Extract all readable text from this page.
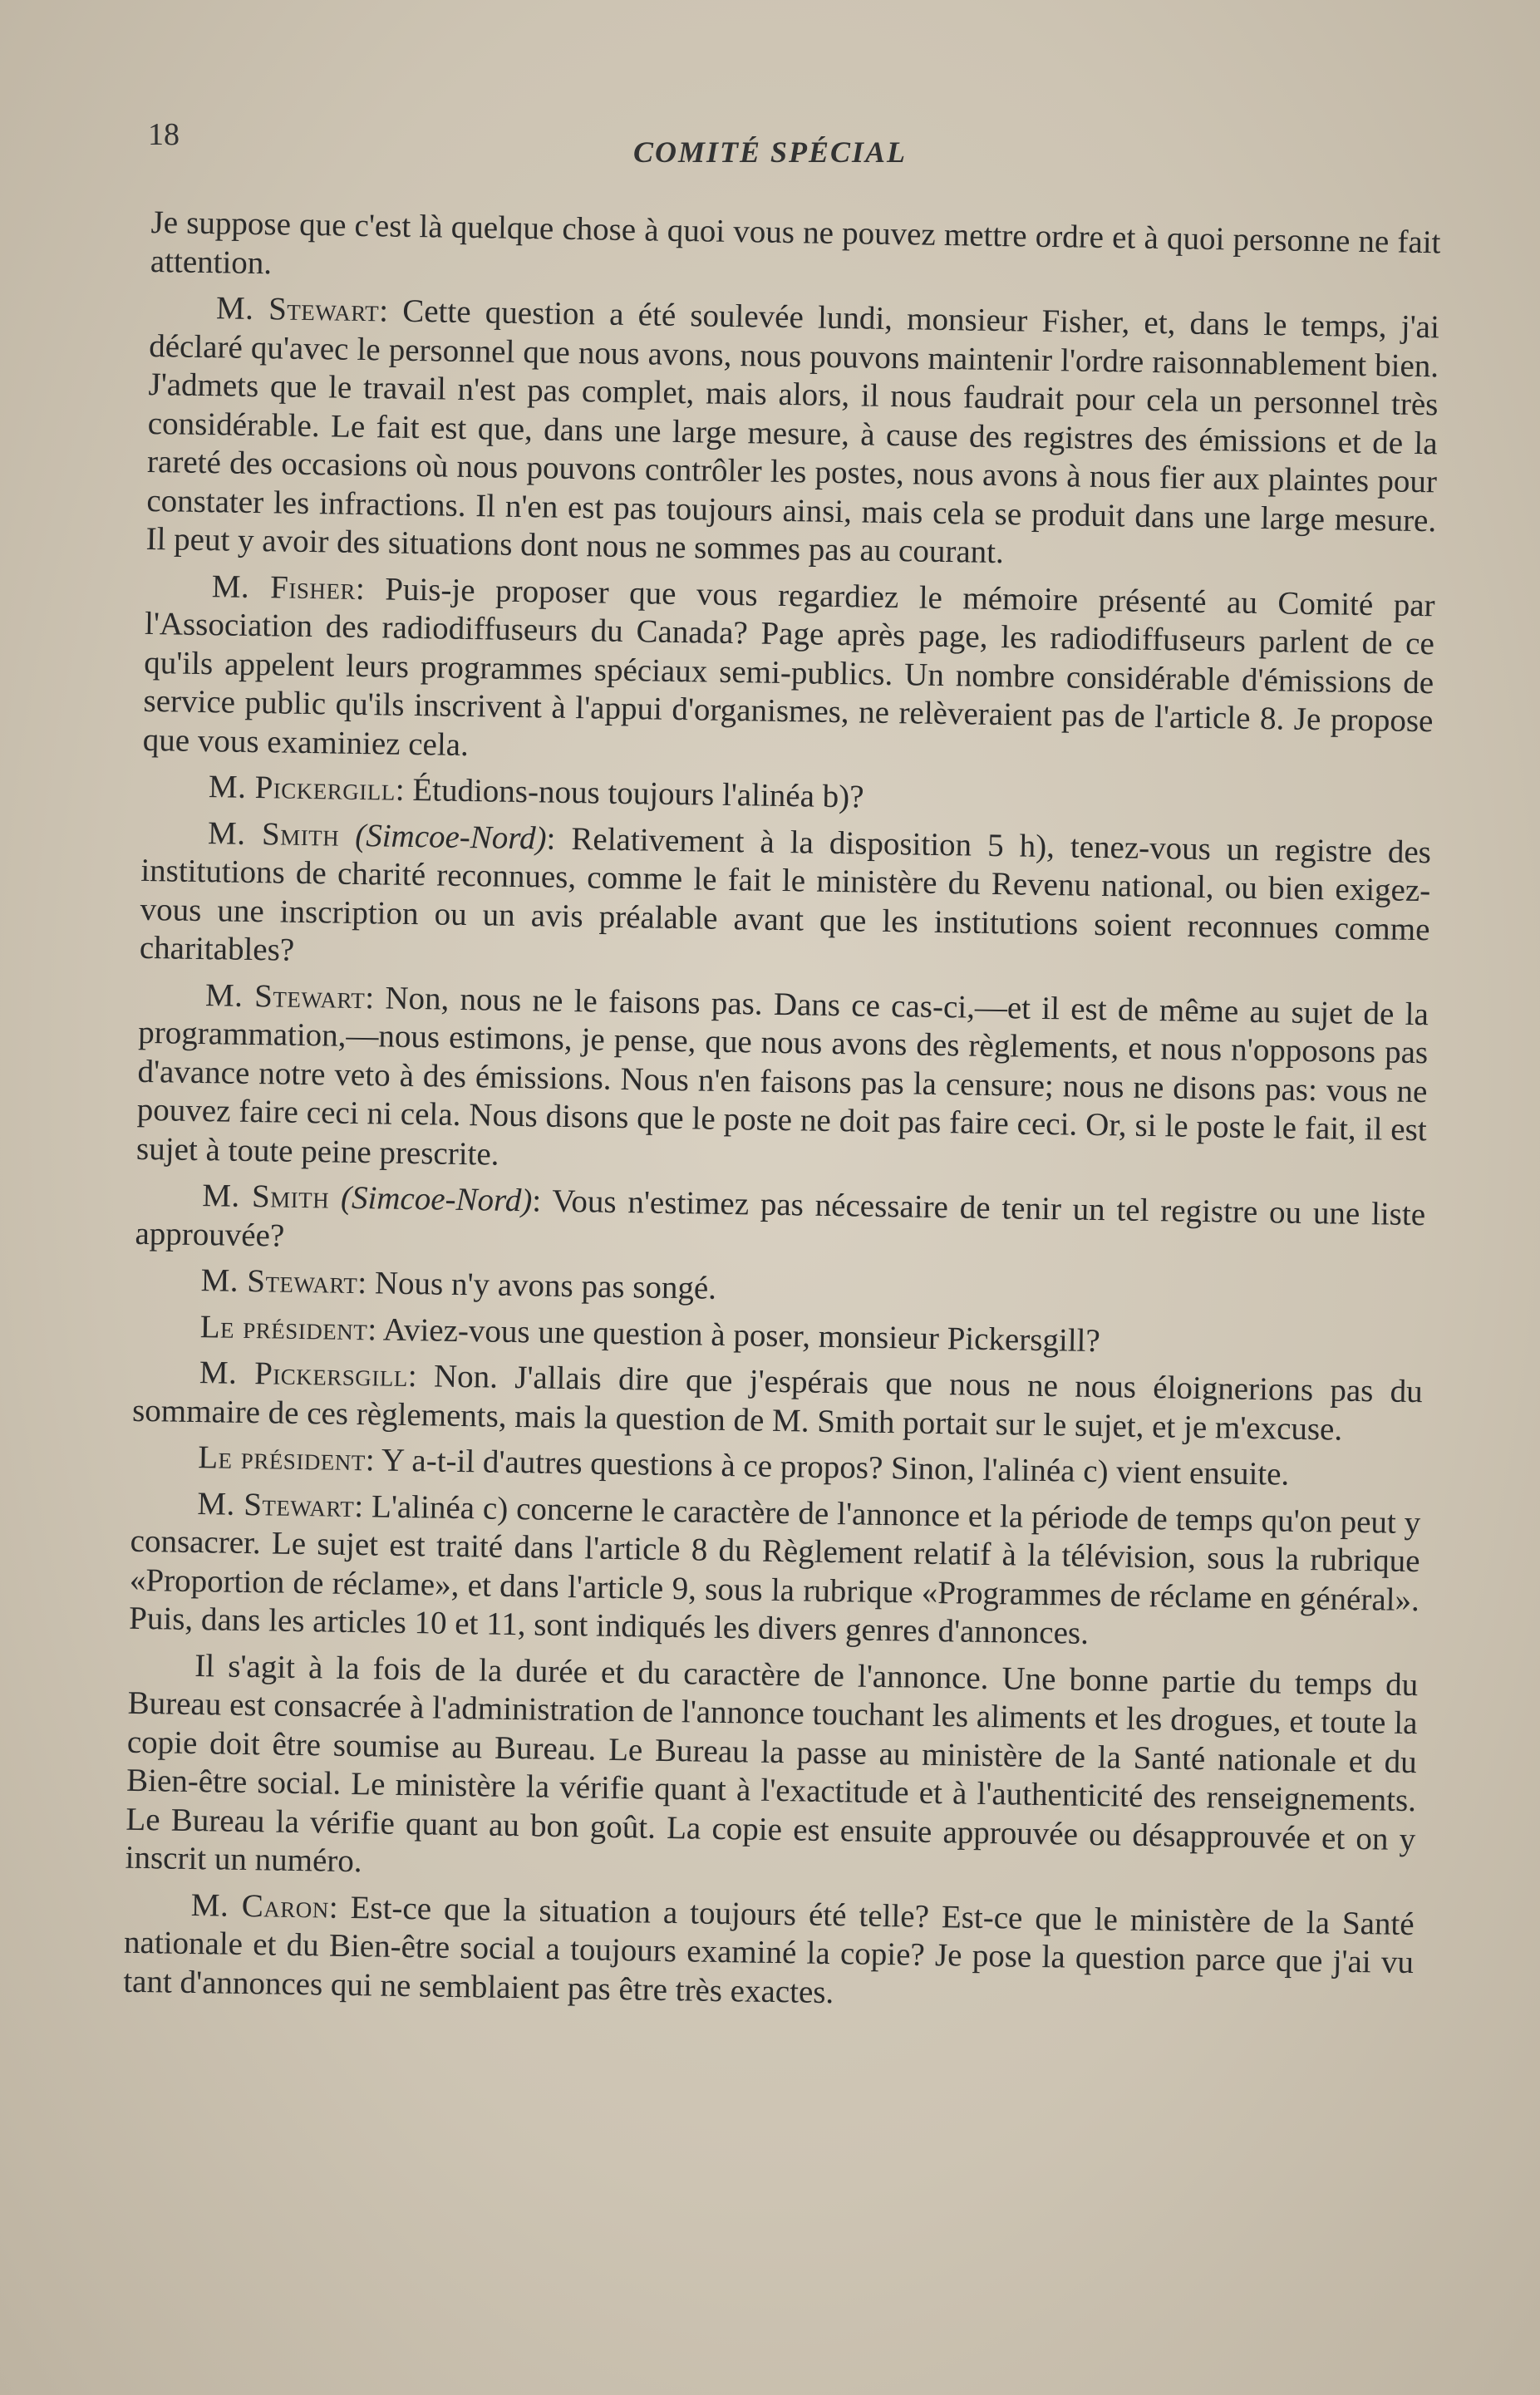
18	COMITÉ SPÉCIAL

Je suppose que c'est là quelque chose à quoi vous ne pouvez mettre ordre et à quoi personne ne fait attention.

M. Stewart: Cette question a été soulevée lundi, monsieur Fisher, et, dans le temps, j'ai déclaré qu'avec le personnel que nous avons, nous pouvons maintenir l'ordre raisonnablement bien. J'admets que le travail n'est pas complet, mais alors, il nous faudrait pour cela un personnel très considérable. Le fait est que, dans une large mesure, à cause des registres des émissions et de la rareté des occasions où nous pouvons contrôler les postes, nous avons à nous fier aux plaintes pour constater les infractions. Il n'en est pas toujours ainsi, mais cela se produit dans une large mesure. Il peut y avoir des situations dont nous ne sommes pas au courant.

M. Fisher: Puis-je proposer que vous regardiez le mémoire présenté au Comité par l'Association des radiodiffuseurs du Canada? Page après page, les radiodiffuseurs parlent de ce qu'ils appelent leurs programmes spéciaux semi-publics. Un nombre considérable d'émissions de service public qu'ils inscrivent à l'appui d'organismes, ne relèveraient pas de l'article 8. Je propose que vous examiniez cela.

M. Pickergill: Étudions-nous toujours l'alinéa b)?

M. Smith (Simcoe-Nord): Relativement à la disposition 5 h), tenez-vous un registre des institutions de charité reconnues, comme le fait le ministère du Revenu national, ou bien exigez-vous une inscription ou un avis préalable avant que les institutions soient reconnues comme charitables?

M. Stewart: Non, nous ne le faisons pas. Dans ce cas-ci,—et il est de même au sujet de la programmation,—nous estimons, je pense, que nous avons des règlements, et nous n'opposons pas d'avance notre veto à des émissions. Nous n'en faisons pas la censure; nous ne disons pas: vous ne pouvez faire ceci ni cela. Nous disons que le poste ne doit pas faire ceci. Or, si le poste le fait, il est sujet à toute peine prescrite.

M. Smith (Simcoe-Nord): Vous n'estimez pas nécessaire de tenir un tel registre ou une liste approuvée?

M. Stewart: Nous n'y avons pas songé.

Le président: Aviez-vous une question à poser, monsieur Pickersgill?

M. Pickersgill: Non. J'allais dire que j'espérais que nous ne nous éloignerions pas du sommaire de ces règlements, mais la question de M. Smith portait sur le sujet, et je m'excuse.

Le président: Y a-t-il d'autres questions à ce propos? Sinon, l'alinéa c) vient ensuite.

M. Stewart: L'alinéa c) concerne le caractère de l'annonce et la période de temps qu'on peut y consacrer. Le sujet est traité dans l'article 8 du Règlement relatif à la télévision, sous la rubrique «Proportion de réclame», et dans l'article 9, sous la rubrique «Programmes de réclame en général». Puis, dans les articles 10 et 11, sont indiqués les divers genres d'annonces.

Il s'agit à la fois de la durée et du caractère de l'annonce. Une bonne partie du temps du Bureau est consacrée à l'administration de l'annonce touchant les aliments et les drogues, et toute la copie doit être soumise au Bureau. Le Bureau la passe au ministère de la Santé nationale et du Bien-être social. Le ministère la vérifie quant à l'exactitude et à l'authenticité des renseignements. Le Bureau la vérifie quant au bon goût. La copie est ensuite approuvée ou désapprouvée et on y inscrit un numéro.

M. Caron: Est-ce que la situation a toujours été telle? Est-ce que le ministère de la Santé nationale et du Bien-être social a toujours examiné la copie? Je pose la question parce que j'ai vu tant d'annonces qui ne semblaient pas être très exactes.
